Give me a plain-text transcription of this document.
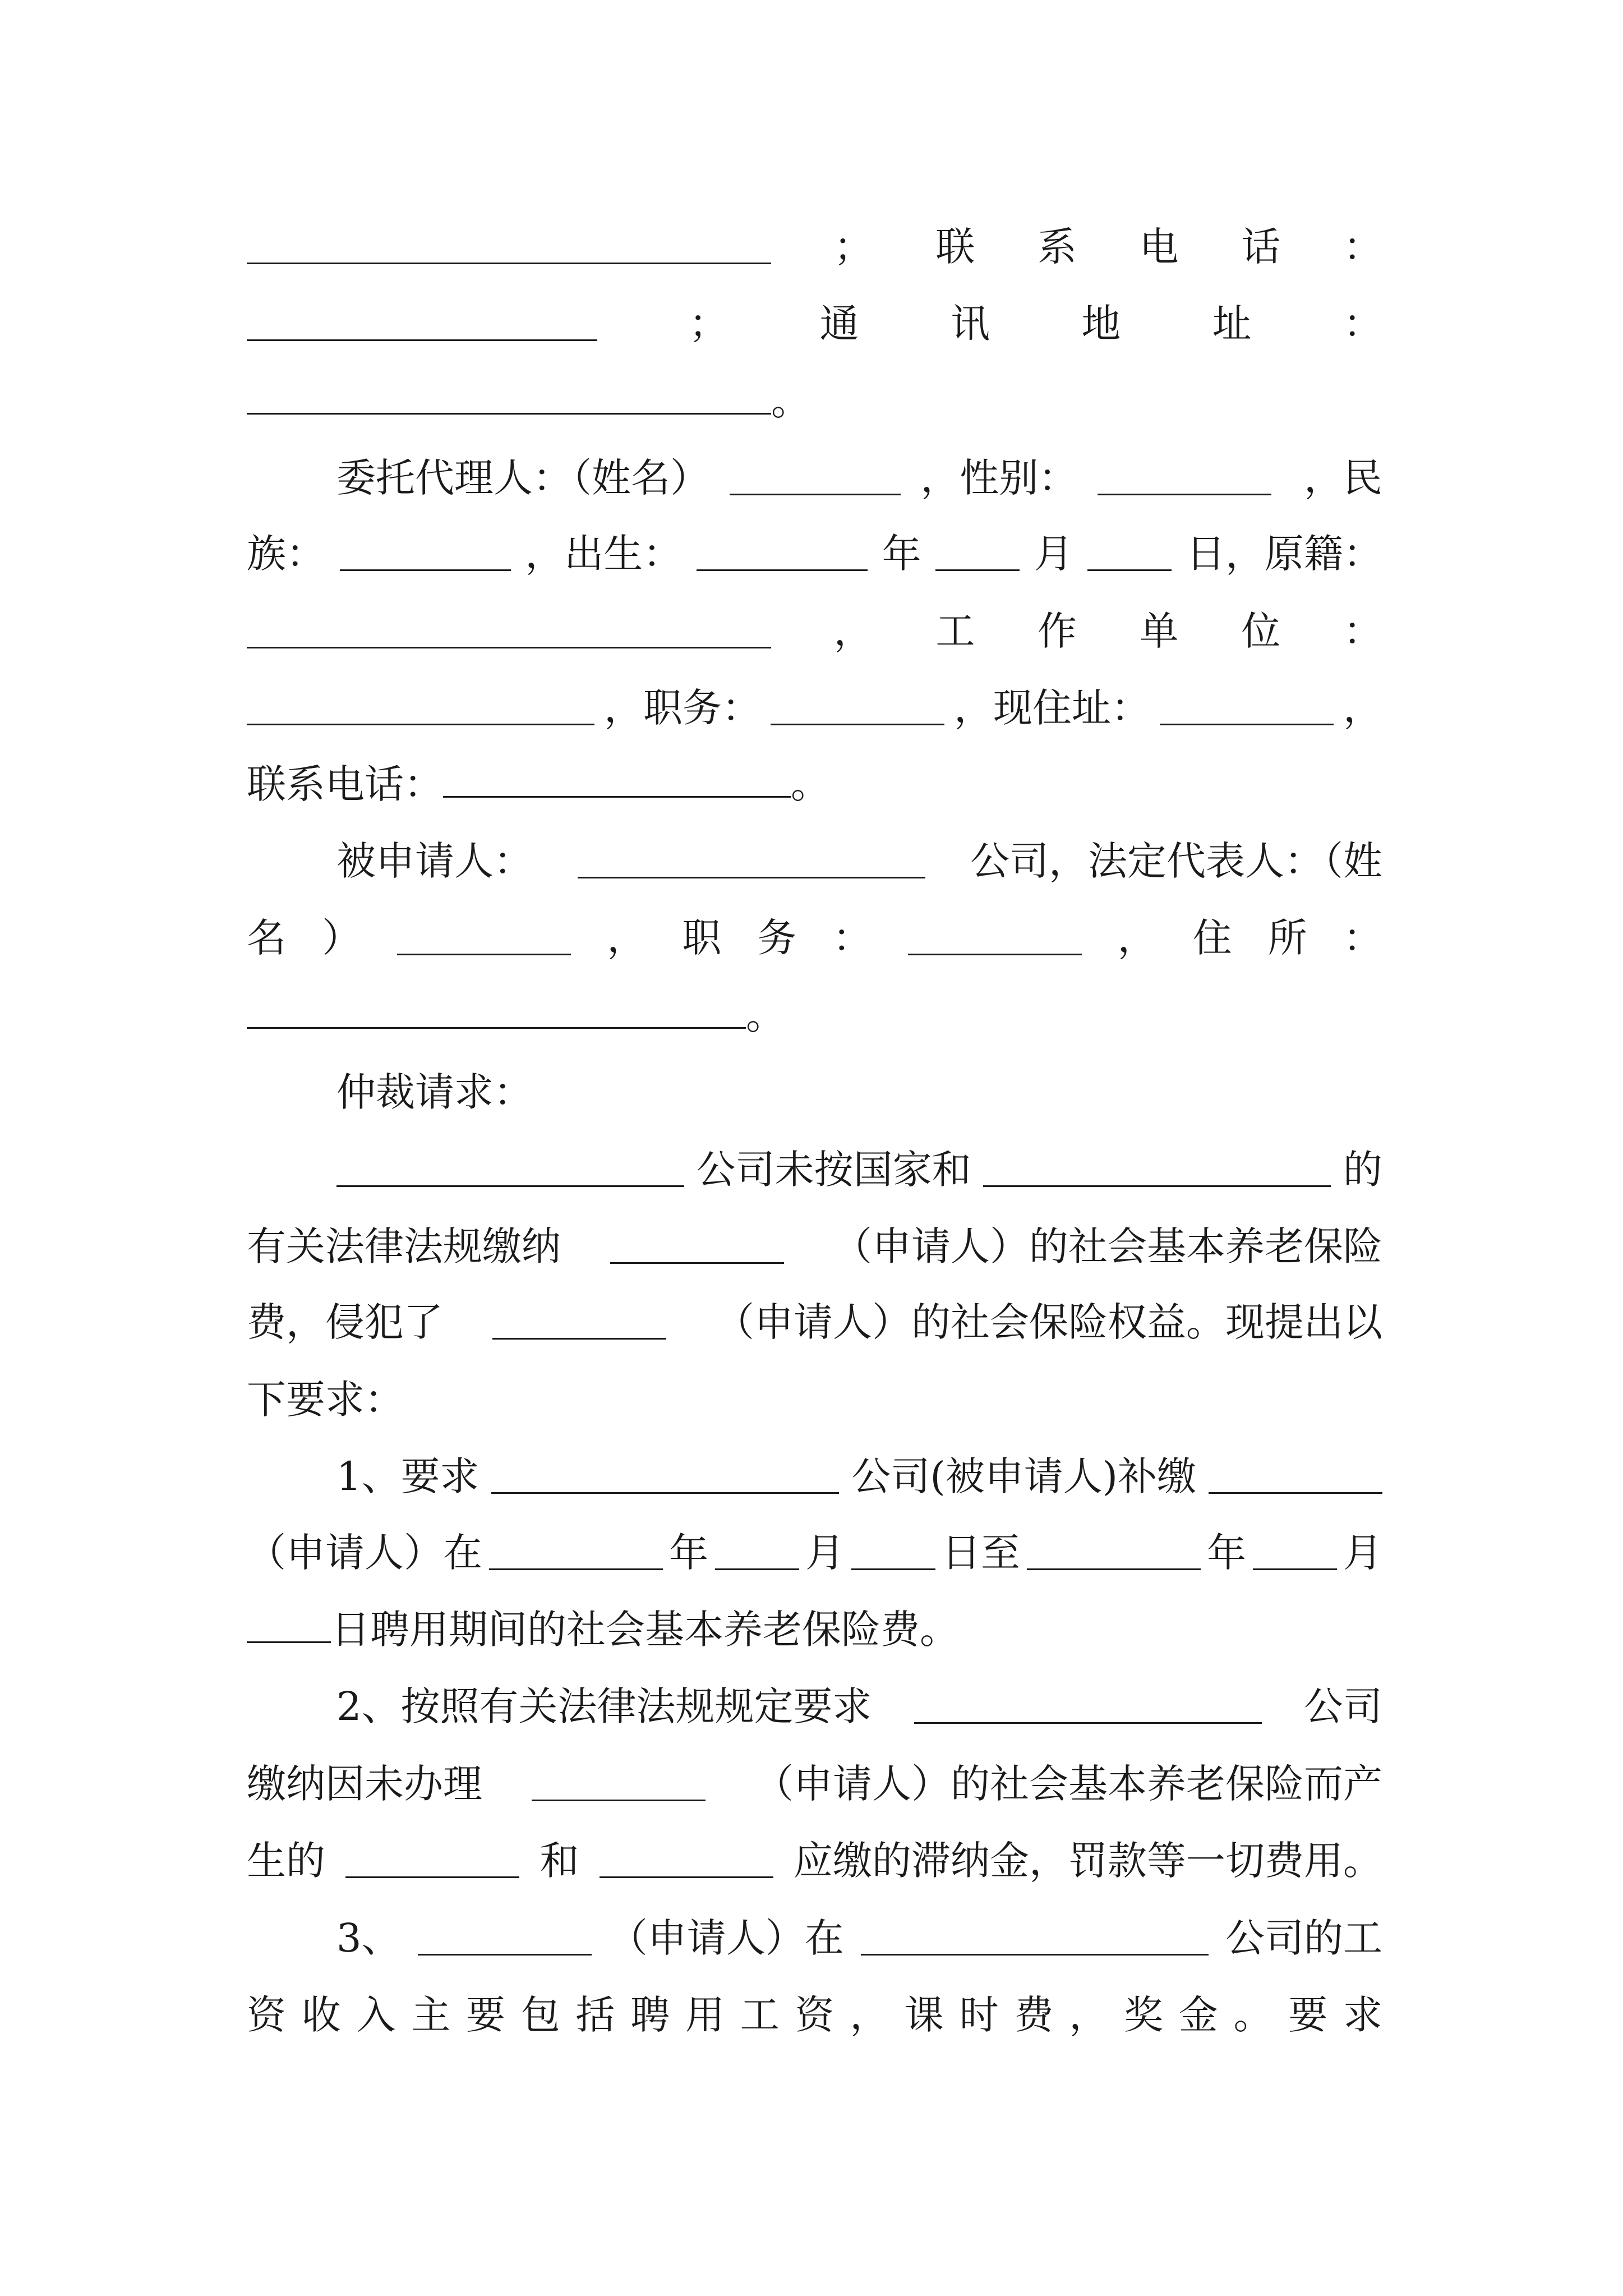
； 联 系 电 话 ：
； 通 讯 地 址 ：
。
委托代理人：（姓名）	，性别：	，民
族：	，出生：	年	月	日，原籍：
， 工 作 单 位 ：
，职务：	，现住址：	，
联系电话：	。
被申请人：	公司，法定代表人：（姓
名 ）	， 职 务 ：	， 住 所 ：
。
仲裁请求：
公司未按国家和	的
有关法律法规缴纳	（申请人）的社会基本养老保险
费，侵犯了	（申请人）的社会保险权益。现提出以
下要求：
1、要求	公司(被申请人)补缴
（申请人）在	年 月 日至	年 月
日聘用期间的社会基本养老保险费。
2、按照有关法律法规规定要求	公司
缴纳因未办理	（申请人）的社会基本养老保险而产
生的	和	应缴的滞纳金，罚款等一切费用。
3、	（申请人）在	公司的工
资 收 入 主 要 包 括 聘 用 工 资 ， 课 时 费 ， 奖 金 。 要 求
